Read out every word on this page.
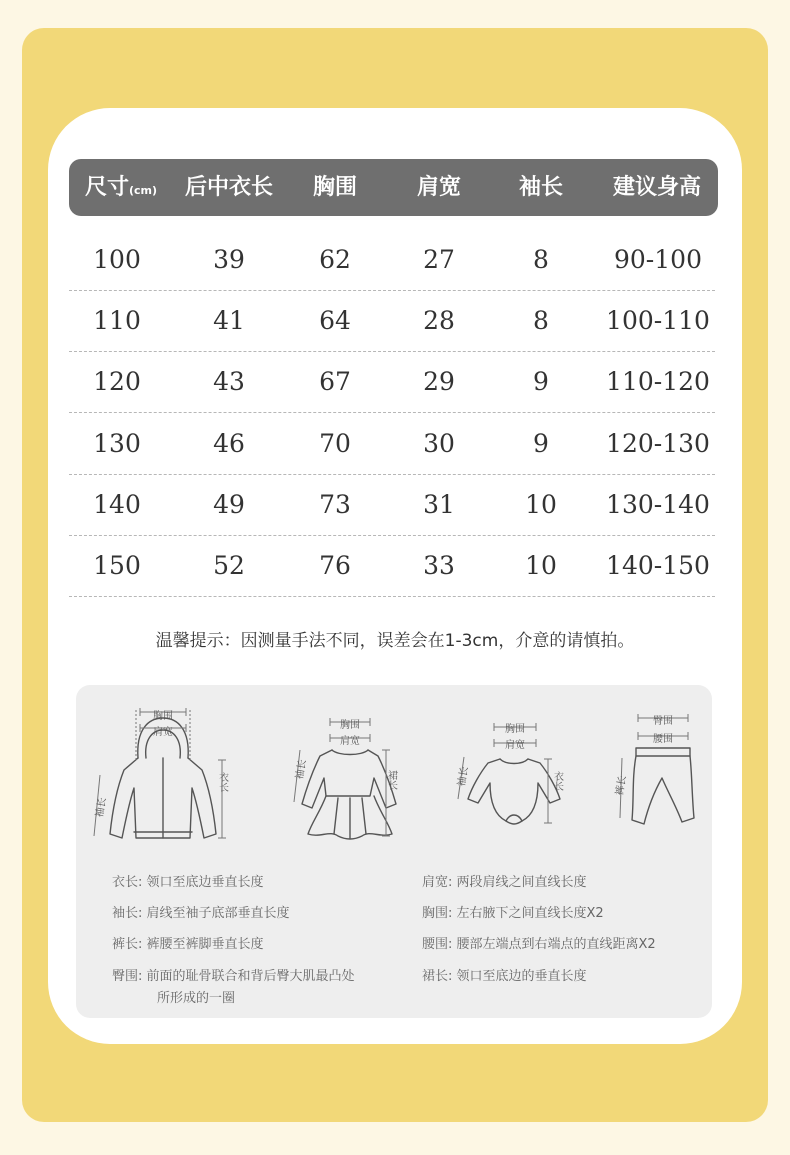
尺寸(cm)	后中衣长	胸围	肩宽	袖长	建议身高
100	39	62	27	8	90-100
110	41	64	28	8	100-110
120	43	67	29	9	110-120
130	46	70	30	9	120-130
140	49	73	31	10	130-140
150	52	76	33	10	140-150
温馨提示：因测量手法不同，误差会在1-3cm，介意的请慎拍。
胸围
肩宽
衣长
袖长
胸围
肩宽
裙长
袖长
胸围
肩宽
衣长
袖长
臀围
腰围
裤长
衣长: 领口至底边垂直长度
袖长: 肩线至袖子底部垂直长度
裤长: 裤腰至裤脚垂直长度
臀围: 前面的耻骨联合和背后臀大肌最凸处
所形成的一圈
肩宽: 两段肩线之间直线长度
胸围: 左右腋下之间直线长度X2
腰围: 腰部左端点到右端点的直线距离X2
裙长: 领口至底边的垂直长度
